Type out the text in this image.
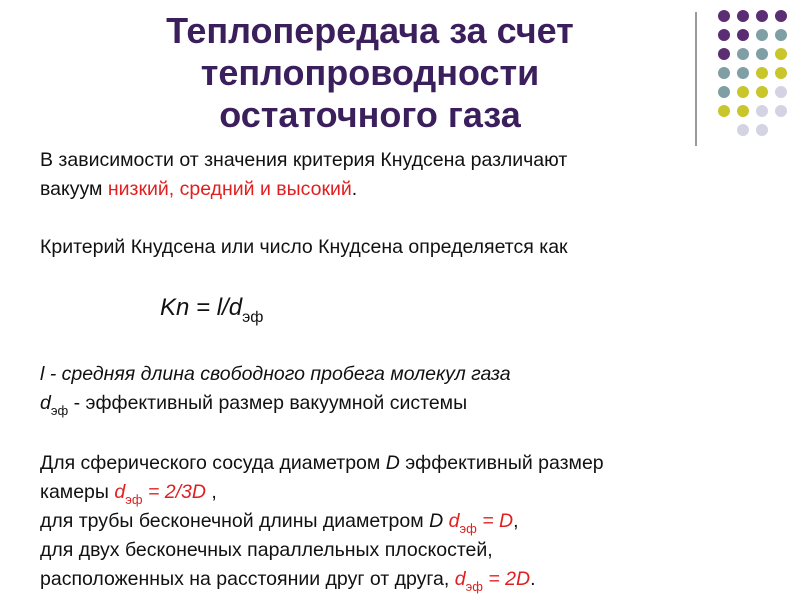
Теплопередача за счет
теплопроводности
остаточного газа

В зависимости от значения критерия Кнудсена различают

вакуум низкий, средний и высокий.

Критерий Кнудсена или число Кнудсена определяется как

$Kn = l/d_{эф}$

l - средняя длина свободного пробега молекул газа

$d_{эф}$ - эффективный размер вакуумной системы

Для сферического сосуда диаметром D эффективный размер

камеры $d_{эф} = 2/3D$ ,

для трубы бесконечной длины диаметром D $d_{эф} = D$,

для двух бесконечных параллельных плоскостей,

расположенных на расстоянии друг от друга, $d_{эф} = 2D$.
